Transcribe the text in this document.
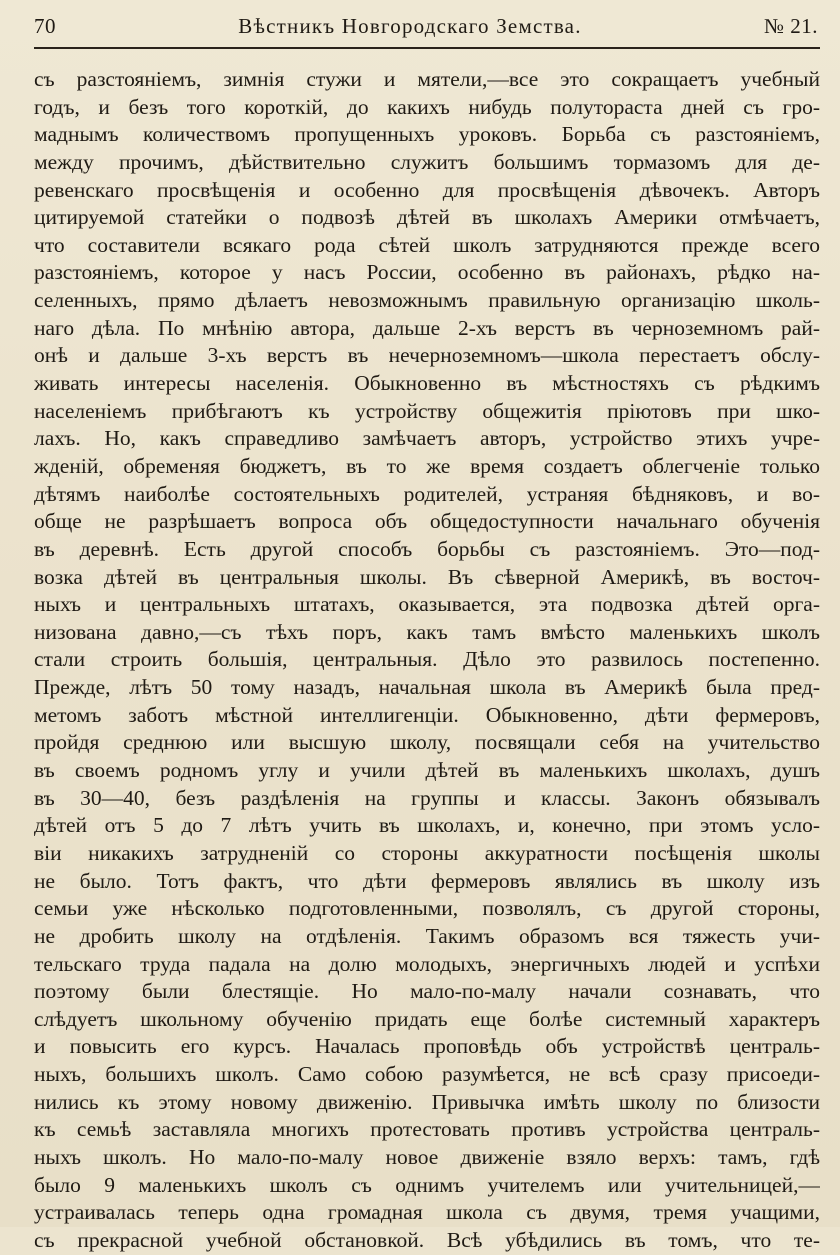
70	Вѣстникъ Новгородскаго Земства.	№ 21.
съ разстояніемъ, зимнія стужи и мятели,—все это сокращаетъ учебный
годъ, и безъ того короткій, до какихъ нибудь полутораста дней съ гро-
маднымъ количествомъ пропущенныхъ уроковъ. Борьба съ разстояніемъ,
между прочимъ, дѣйствительно служитъ большимъ тормазомъ для де-
ревенскаго просвѣщенія и особенно для просвѣщенія дѣвочекъ. Авторъ
цитируемой статейки о подвозѣ дѣтей въ школахъ Америки отмѣчаетъ,
что составители всякаго рода сѣтей школъ затрудняются прежде всего
разстояніемъ, которое у насъ России, особенно въ районахъ, рѣдко на-
селенныхъ, прямо дѣлаетъ невозможнымъ правильную организацію школь-
наго дѣла. По мнѣнію автора, дальше 2-хъ верстъ въ черноземномъ рай-
онѣ и дальше 3-хъ верстъ въ нечерноземномъ—школа перестаетъ обслу-
живать интересы населенія. Обыкновенно въ мѣстностяхъ съ рѣдкимъ
населеніемъ прибѣгаютъ къ устройству общежитія пріютовъ при шко-
лахъ. Но, какъ справедливо замѣчаетъ авторъ, устройство этихъ учре-
жденій, обременяя бюджетъ, въ то же время создаетъ облегченіе только
дѣтямъ наиболѣе состоятельныхъ родителей, устраняя бѣдняковъ, и во-
обще не разрѣшаетъ вопроса объ общедоступности начальнаго обученія
въ деревнѣ. Есть другой способъ борьбы съ разстояніемъ. Это—под-
возка дѣтей въ центральныя школы. Въ сѣверной Америкѣ, въ восточ-
ныхъ и центральныхъ штатахъ, оказывается, эта подвозка дѣтей орга-
низована давно,—съ тѣхъ поръ, какъ тамъ вмѣсто маленькихъ школъ
стали строить большія, центральныя. Дѣло это развилось постепенно.
Прежде, лѣтъ 50 тому назадъ, начальная школа въ Америкѣ была пред-
метомъ заботъ мѣстной интеллигенціи. Обыкновенно, дѣти фермеровъ,
пройдя среднюю или высшую школу, посвящали себя на учительство
въ своемъ родномъ углу и учили дѣтей въ маленькихъ школахъ, душъ
въ 30—40, безъ раздѣленія на группы и классы. Законъ обязывалъ
дѣтей отъ 5 до 7 лѣтъ учить въ школахъ, и, конечно, при этомъ усло-
віи никакихъ затрудненій со стороны аккуратности посѣщенія школы
не было. Тотъ фактъ, что дѣти фермеровъ являлись въ школу изъ
семьи уже нѣсколько подготовленными, позволялъ, съ другой стороны,
не дробить школу на отдѣленія. Такимъ образомъ вся тяжесть учи-
тельскаго труда падала на долю молодыхъ, энергичныхъ людей и успѣхи
поэтому были блестящіе. Но мало-по-малу начали сознавать, что
слѣдуетъ школьному обученію придать еще болѣе системный характеръ
и повысить его курсъ. Началась проповѣдь объ устройствѣ централь-
ныхъ, большихъ школъ. Само собою разумѣется, не всѣ сразу присоеди-
нились къ этому новому движенію. Привычка имѣть школу по близости
къ семьѣ заставляла многихъ протестовать противъ устройства централь-
ныхъ школъ. Но мало-по-малу новое движеніе взяло верхъ: тамъ, гдѣ
было 9 маленькихъ школъ съ однимъ учителемъ или учительницей,—
устраивалась теперь одна громадная школа съ двумя, тремя учащими,
съ прекрасной учебной обстановкой. Всѣ убѣдились въ томъ, что те-
